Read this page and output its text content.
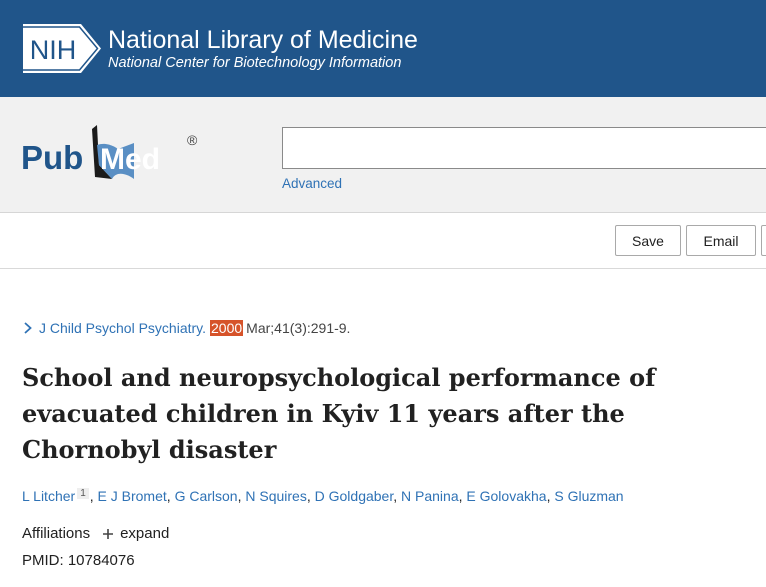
NIH National Library of Medicine
National Center for Biotechnology Information
Pub Med
®
Advanced
Save	Email
J Child Psychol Psychiatry. 2000 Mar;41(3):291-9.
School and neuropsychological performance of evacuated children in Kyiv 11 years after the Chornobyl disaster
L Litcher 1 , E J Bromet, G Carlson, N Squires, D Goldgaber, N Panina, E Golovakha, S Gluzman
Affiliations expand
PMID: 10784076
